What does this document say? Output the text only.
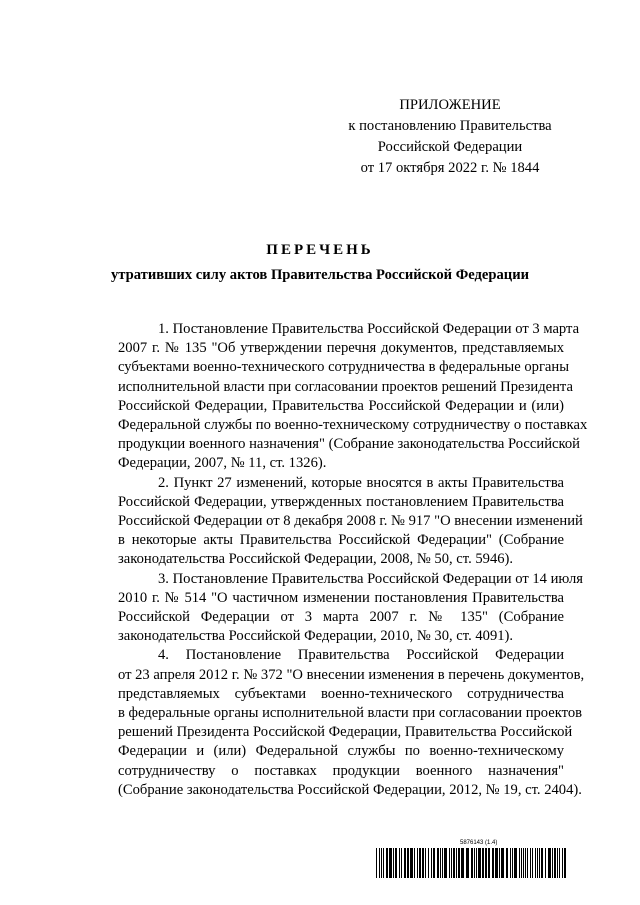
ПРИЛОЖЕНИЕ
к постановлению Правительства
Российской Федерации
от 17 октября 2022 г. № 1844
ПЕРЕЧЕНЬ
утративших силу актов Правительства Российской Федерации

1. Постановление Правительства Российской Федерации от 3 марта
2007 г. № 135 "Об утверждении перечня документов, представляемых
субъектами военно-технического сотрудничества в федеральные органы
исполнительной власти при согласовании проектов решений Президента
Российской Федерации, Правительства Российской Федерации и (или)
Федеральной службы по военно-техническому сотрудничеству о поставках
продукции военного назначения" (Собрание законодательства Российской
Федерации, 2007, № 11, ст. 1326).

2. Пункт 27 изменений, которые вносятся в акты Правительства
Российской Федерации, утвержденных постановлением Правительства
Российской Федерации от 8 декабря 2008 г. № 917 "О внесении изменений
в некоторые акты Правительства Российской Федерации" (Собрание
законодательства Российской Федерации, 2008, № 50, ст. 5946).

3. Постановление Правительства Российской Федерации от 14 июля
2010 г. № 514 "О частичном изменении постановления Правительства
Российской Федерации от 3 марта 2007 г. № 135" (Собрание
законодательства Российской Федерации, 2010, № 30, ст. 4091).

4. Постановление Правительства Российской Федерации
от 23 апреля 2012 г. № 372 "О внесении изменения в перечень документов,
представляемых субъектами военно-технического сотрудничества
в федеральные органы исполнительной власти при согласовании проектов
решений Президента Российской Федерации, Правительства Российской
Федерации и (или) Федеральной службы по военно-техническому
сотрудничеству о поставках продукции военного назначения"
(Собрание законодательства Российской Федерации, 2012, № 19, ст. 2404).

5876143 (1.4)
